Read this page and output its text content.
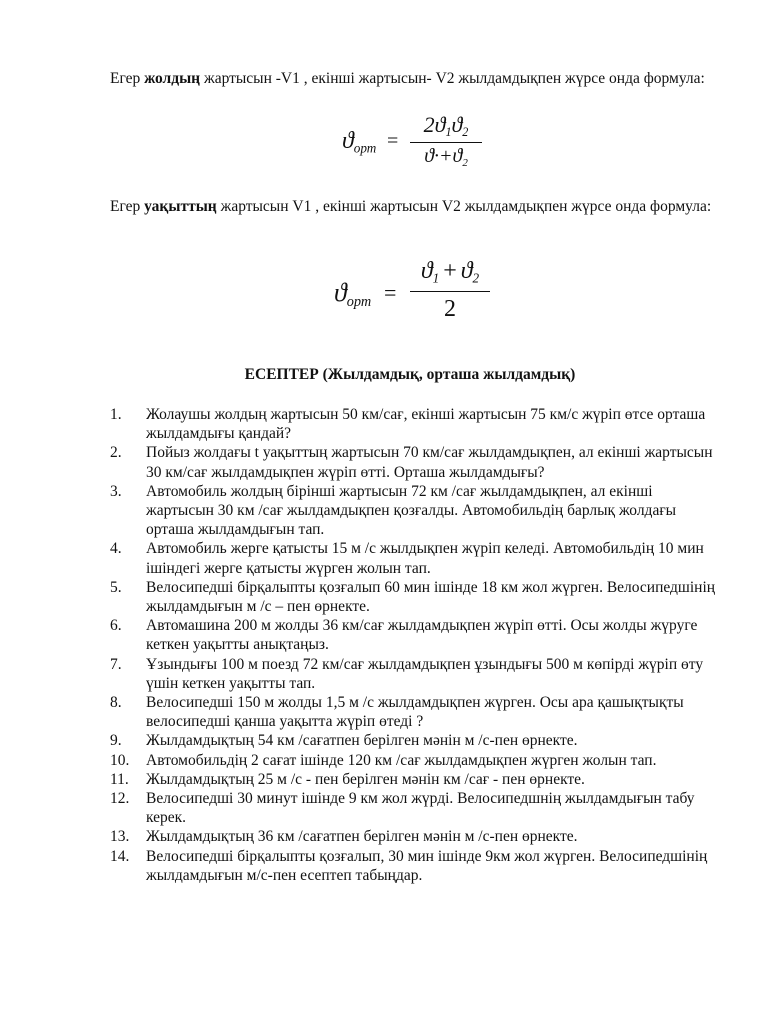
Егер жолдың жартысын -V1 , екінші жартысын- V2 жылдамдықпен жүрсе онда формула:
$ϑ_{орт}$ =
$2ϑ_1ϑ_2$
$ϑ\cdot+ϑ_2$
Егер уақыттың жартысын V1 , екінші жартысын V2 жылдамдықпен жүрсе онда формула:
$ϑ_{орт}$ =
$ϑ_1 + ϑ_2$
2
ЕСЕПТЕР (Жылдамдық, орташа жылдамдық)
1. Жолаушы жолдың жартысын 50 км/сағ, екінші жартысын 75 км/с жүріп өтсе орташа жылдамдығы қандай?
2. Пойыз жолдағы t уақыттың жартысын 70 км/сағ жылдамдықпен, ал екінші жартысын 30 км/сағ жылдамдықпен жүріп өтті. Орташа жылдамдығы?
3. Автомобиль жолдың бірінші жартысын 72 км /сағ жылдамдықпен, ал екінші жартысын 30 км /сағ жылдамдықпен қозғалды. Автомобильдің барлық жолдағы орташа жылдамдығын тап.
4. Автомобиль жерге қатысты 15 м /с жылдықпен жүріп келеді. Автомобильдің 10 мин ішіндегі жерге қатысты жүрген жолын тап.
5. Велосипедші бірқалыпты қозғалып 60 мин ішінде 18 км жол жүрген. Велосипедшінің жылдамдығын м /с – пен өрнекте.
6. Автомашина 200 м жолды 36 км/сағ жылдамдықпен жүріп өтті. Осы жолды жүруге кеткен уақытты анықтаңыз.
7. Ұзындығы 100 м поезд 72 км/сағ жылдамдықпен ұзындығы 500 м көпірді жүріп өту үшін кеткен уақытты тап.
8. Велосипедші 150 м жолды 1,5 м /с жылдамдықпен жүрген. Осы ара қашықтықты велосипедші қанша уақытта жүріп өтеді ?
9. Жылдамдықтың 54 км /сағатпен берілген мәнін м /с-пен өрнекте.
10. Автомобильдің 2 сағат ішінде 120 км /сағ жылдамдықпен жүрген жолын тап.
11. Жылдамдықтың 25 м /с - пен берілген мәнін км /сағ - пен өрнекте.
12. Велосипедші 30 минут ішінде 9 км жол жүрді. Велосипедшнің жылдамдығын табу керек.
13. Жылдамдықтың 36 км /сағатпен берілген мәнін м /с-пен өрнекте.
14. Велосипедші бірқалыпты қозғалып, 30 мин ішінде 9км жол жүрген. Велосипедшінің жылдамдығын м/с-пен есептеп табыңдар.
